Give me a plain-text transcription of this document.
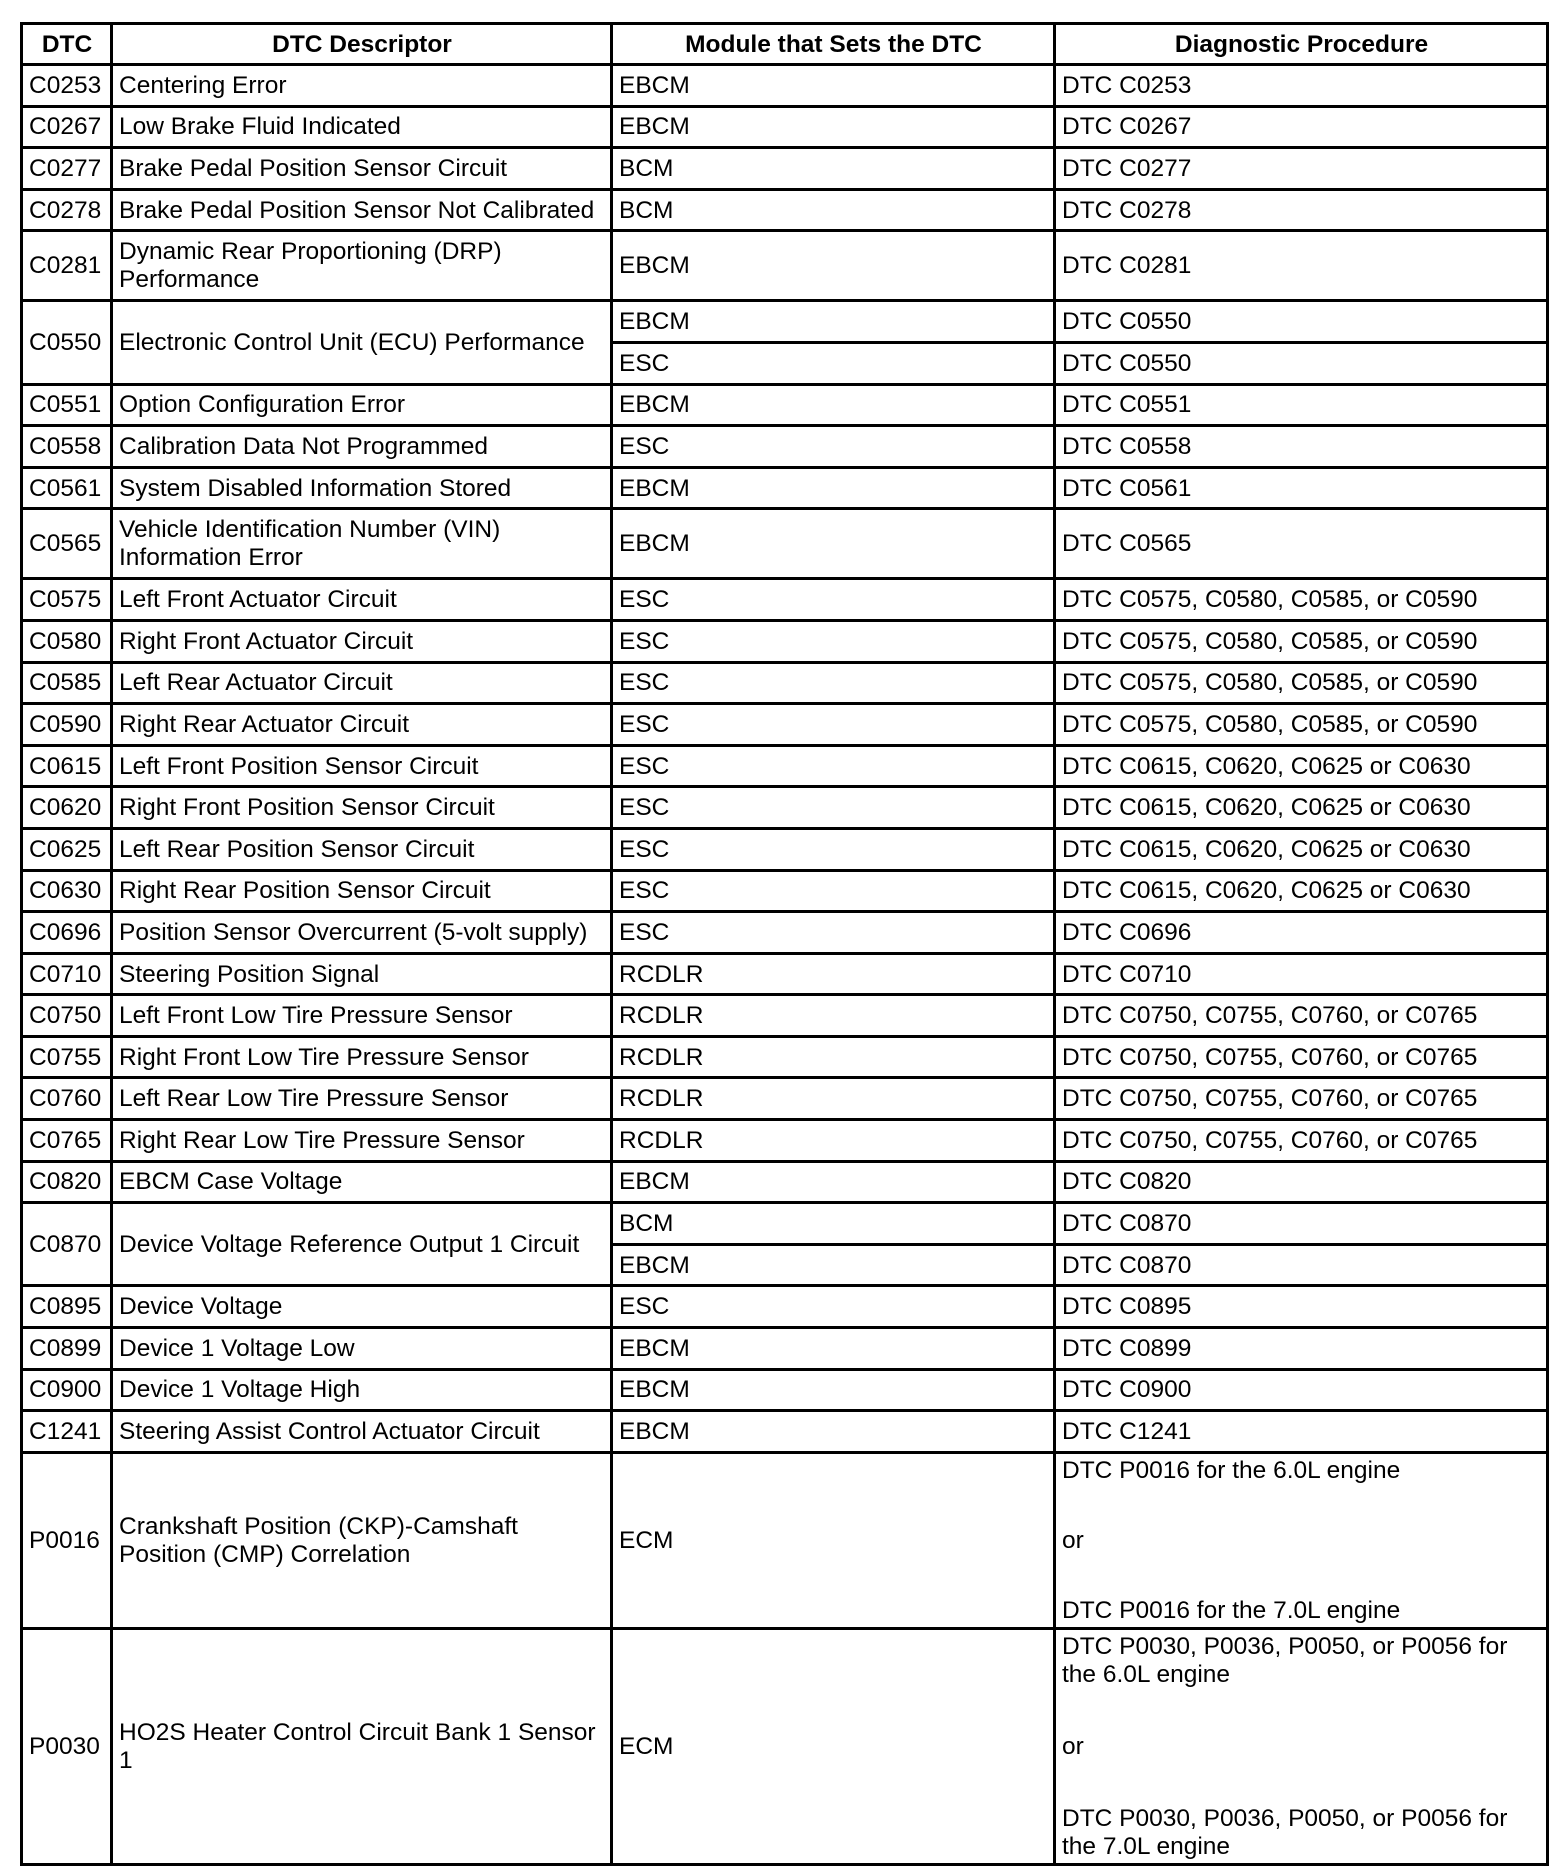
DTC	DTC Descriptor	Module that Sets the DTC	Diagnostic Procedure
C0253	Centering Error	EBCM	DTC C0253
C0267	Low Brake Fluid Indicated	EBCM	DTC C0267
C0277	Brake Pedal Position Sensor Circuit	BCM	DTC C0277
C0278	Brake Pedal Position Sensor Not Calibrated	BCM	DTC C0278
C0281	Dynamic Rear Proportioning (DRP) Performance	EBCM	DTC C0281
C0550	Electronic Control Unit (ECU) Performance	EBCM	DTC C0550
		ESC	DTC C0550
C0551	Option Configuration Error	EBCM	DTC C0551
C0558	Calibration Data Not Programmed	ESC	DTC C0558
C0561	System Disabled Information Stored	EBCM	DTC C0561
C0565	Vehicle Identification Number (VIN) Information Error	EBCM	DTC C0565
C0575	Left Front Actuator Circuit	ESC	DTC C0575, C0580, C0585, or C0590
C0580	Right Front Actuator Circuit	ESC	DTC C0575, C0580, C0585, or C0590
C0585	Left Rear Actuator Circuit	ESC	DTC C0575, C0580, C0585, or C0590
C0590	Right Rear Actuator Circuit	ESC	DTC C0575, C0580, C0585, or C0590
C0615	Left Front Position Sensor Circuit	ESC	DTC C0615, C0620, C0625 or C0630
C0620	Right Front Position Sensor Circuit	ESC	DTC C0615, C0620, C0625 or C0630
C0625	Left Rear Position Sensor Circuit	ESC	DTC C0615, C0620, C0625 or C0630
C0630	Right Rear Position Sensor Circuit	ESC	DTC C0615, C0620, C0625 or C0630
C0696	Position Sensor Overcurrent (5-volt supply)	ESC	DTC C0696
C0710	Steering Position Signal	RCDLR	DTC C0710
C0750	Left Front Low Tire Pressure Sensor	RCDLR	DTC C0750, C0755, C0760, or C0765
C0755	Right Front Low Tire Pressure Sensor	RCDLR	DTC C0750, C0755, C0760, or C0765
C0760	Left Rear Low Tire Pressure Sensor	RCDLR	DTC C0750, C0755, C0760, or C0765
C0765	Right Rear Low Tire Pressure Sensor	RCDLR	DTC C0750, C0755, C0760, or C0765
C0820	EBCM Case Voltage	EBCM	DTC C0820
C0870	Device Voltage Reference Output 1 Circuit	BCM	DTC C0870
		EBCM	DTC C0870
C0895	Device Voltage	ESC	DTC C0895
C0899	Device 1 Voltage Low	EBCM	DTC C0899
C0900	Device 1 Voltage High	EBCM	DTC C0900
C1241	Steering Assist Control Actuator Circuit	EBCM	DTC C1241
P0016	Crankshaft Position (CKP)-Camshaft Position (CMP) Correlation	ECM	DTC P0016 for the 6.0L engine
or
DTC P0016 for the 7.0L engine

P0030	HO2S Heater Control Circuit Bank 1 Sensor 1	ECM	DTC P0030, P0036, P0050, or P0056 for the 6.0L engine
or
DTC P0030, P0036, P0050, or P0056 for the 7.0L engine
